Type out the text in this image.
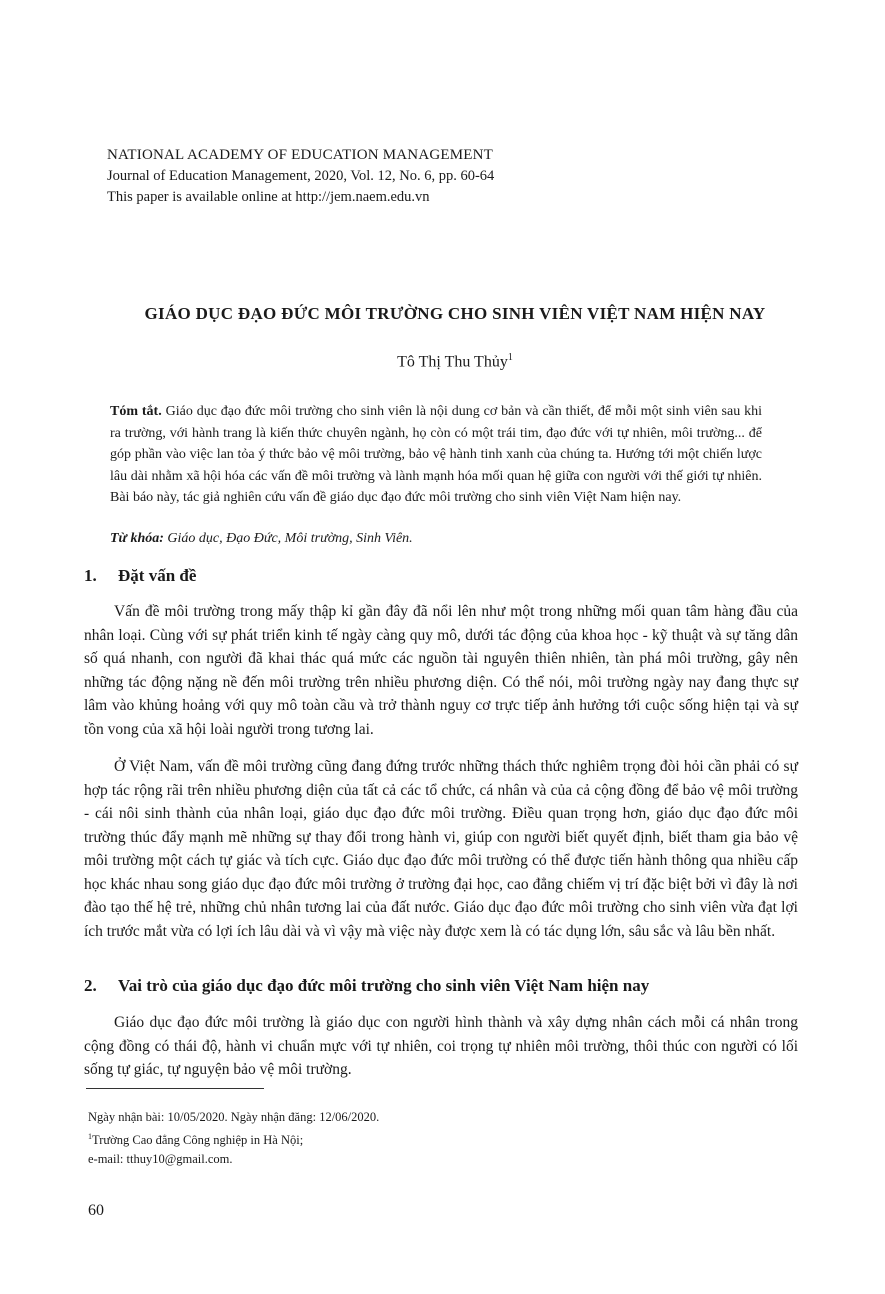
NATIONAL ACADEMY OF EDUCATION MANAGEMENT
Journal of Education Management, 2020, Vol. 12, No. 6, pp. 60-64
This paper is available online at http://jem.naem.edu.vn
GIÁO DỤC ĐẠO ĐỨC MÔI TRƯỜNG CHO SINH VIÊN VIỆT NAM HIỆN NAY
Tô Thị Thu Thủy$^1$
Tóm tắt. Giáo dục đạo đức môi trường cho sinh viên là nội dung cơ bản và cần thiết, để mỗi một sinh viên sau khi ra trường, với hành trang là kiến thức chuyên ngành, họ còn có một trái tim, đạo đức với tự nhiên, môi trường... để góp phần vào việc lan tỏa ý thức bảo vệ môi trường, bảo vệ hành tinh xanh của chúng ta. Hướng tới một chiến lược lâu dài nhằm xã hội hóa các vấn đề môi trường và lành mạnh hóa mối quan hệ giữa con người với thế giới tự nhiên. Bài báo này, tác giả nghiên cứu vấn đề giáo dục đạo đức môi trường cho sinh viên Việt Nam hiện nay.
Từ khóa: Giáo dục, Đạo Đức, Môi trường, Sinh Viên.
1. Đặt vấn đề

Vấn đề môi trường trong mấy thập kỉ gần đây đã nổi lên như một trong những mối quan tâm hàng đầu của nhân loại. Cùng với sự phát triển kinh tế ngày càng quy mô, dưới tác động của khoa học - kỹ thuật và sự tăng dân số quá nhanh, con người đã khai thác quá mức các nguồn tài nguyên thiên nhiên, tàn phá môi trường, gây nên những tác động nặng nề đến môi trường trên nhiều phương diện. Có thể nói, môi trường ngày nay đang thực sự lâm vào khủng hoảng với quy mô toàn cầu và trở thành nguy cơ trực tiếp ảnh hưởng tới cuộc sống hiện tại và sự tồn vong của xã hội loài người trong tương lai.

Ở Việt Nam, vấn đề môi trường cũng đang đứng trước những thách thức nghiêm trọng đòi hỏi cần phải có sự hợp tác rộng rãi trên nhiều phương diện của tất cả các tổ chức, cá nhân và của cả cộng đồng để bảo vệ môi trường - cái nôi sinh thành của nhân loại, giáo dục đạo đức môi trường. Điều quan trọng hơn, giáo dục đạo đức môi trường thúc đẩy mạnh mẽ những sự thay đổi trong hành vi, giúp con người biết quyết định, biết tham gia bảo vệ môi trường một cách tự giác và tích cực. Giáo dục đạo đức môi trường có thể được tiến hành thông qua nhiều cấp học khác nhau song giáo dục đạo đức môi trường ở trường đại học, cao đẳng chiếm vị trí đặc biệt bởi vì đây là nơi đào tạo thế hệ trẻ, những chủ nhân tương lai của đất nước. Giáo dục đạo đức môi trường cho sinh viên vừa đạt lợi ích trước mắt vừa có lợi ích lâu dài và vì vậy mà việc này được xem là có tác dụng lớn, sâu sắc và lâu bền nhất.

2. Vai trò của giáo dục đạo đức môi trường cho sinh viên Việt Nam hiện nay

Giáo dục đạo đức môi trường là giáo dục con người hình thành và xây dựng nhân cách mỗi cá nhân trong cộng đồng có thái độ, hành vi chuẩn mực với tự nhiên, coi trọng tự nhiên môi trường, thôi thúc con người có lối sống tự giác, tự nguyện bảo vệ môi trường.

Ngày nhận bài: 10/05/2020. Ngày nhận đăng: 12/06/2020.
$^1$Trường Cao đẳng Công nghiệp in Hà Nội;
e-mail: tthuy10@gmail.com.
60
